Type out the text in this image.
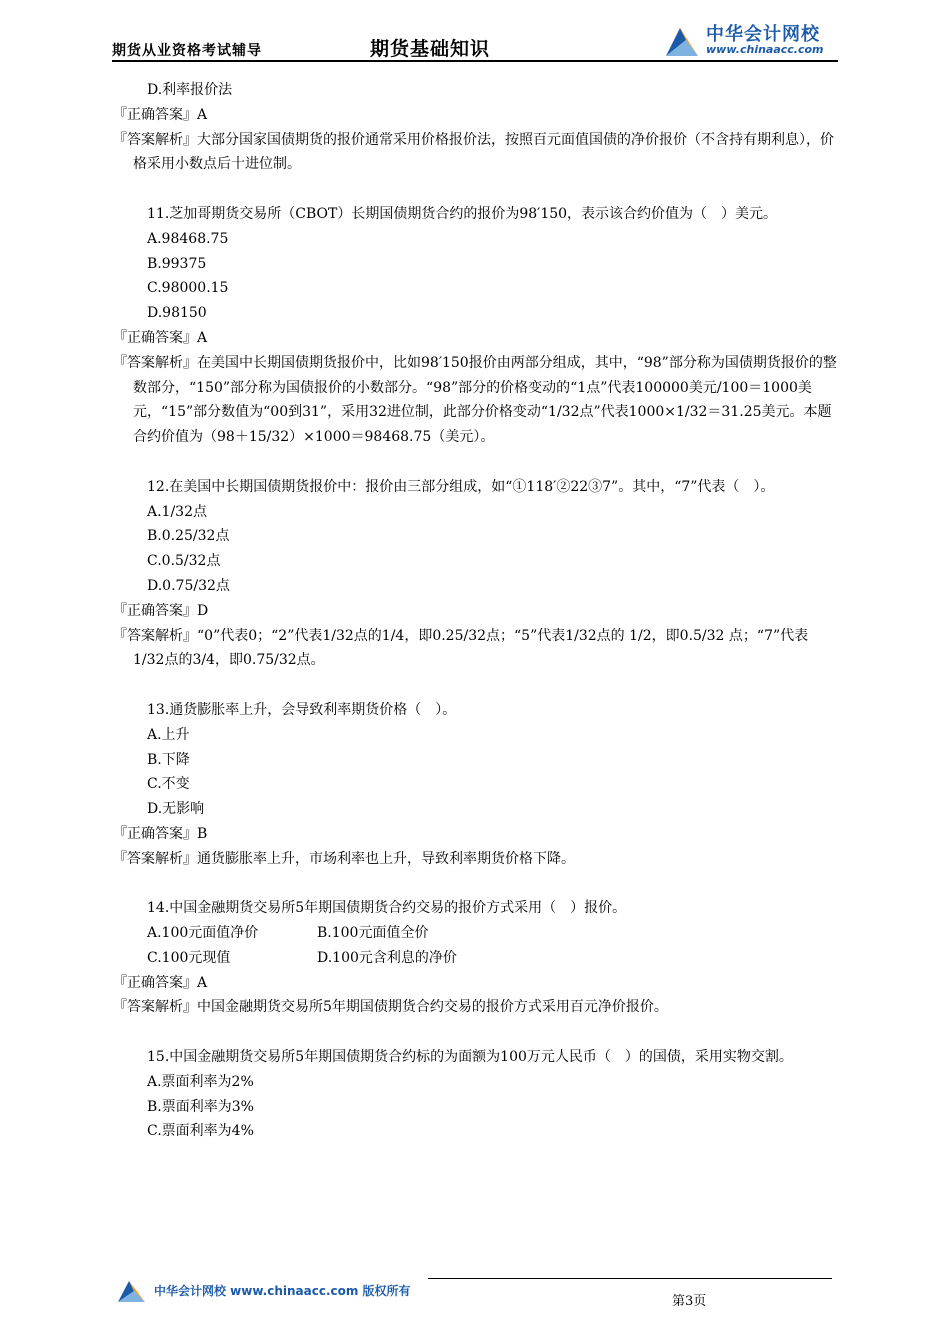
期货从业资格考试辅导	期货基础知识
中华会计网校
www.chinaacc.com

D.利率报价法

『正确答案』A

『答案解析』大部分国家国债期货的报价通常采用价格报价法，按照百元面值国债的净价报价（不含持有期利息），价格采用小数点后十进位制。

11.芝加哥期货交易所（CBOT）长期国债期货合约的报价为98′150，表示该合约价值为（　）美元。

A.98468.75

B.99375

C.98000.15

D.98150

『正确答案』A

『答案解析』在美国中长期国债期货报价中，比如98′150报价由两部分组成，其中，“98”部分称为国债期货报价的整数部分，“150”部分称为国债报价的小数部分。“98”部分的价格变动的“1点”代表100000美元/100＝1000美元，“15”部分数值为“00到31”，采用32进位制，此部分价格变动“1/32点”代表1000×1/32＝31.25美元。本题合约价值为（98＋15/32）×1000＝98468.75（美元）。

12.在美国中长期国债期货报价中：报价由三部分组成，如“①118′②22③7”。其中，“7”代表（　）。

A.1/32点

B.0.25/32点

C.0.5/32点

D.0.75/32点

『正确答案』D

『答案解析』“0”代表0；“2”代表1/32点的1/4，即0.25/32点；“5”代表1/32点的 1/2，即0.5/32 点；“7”代表1/32点的3/4，即0.75/32点。

13.通货膨胀率上升，会导致利率期货价格（　）。

A.上升

B.下降

C.不变

D.无影响

『正确答案』B

『答案解析』通货膨胀率上升，市场利率也上升，导致利率期货价格下降。

14.中国金融期货交易所5年期国债期货合约交易的报价方式采用（　）报价。

A.100元面值净价	B.100元面值全价

C.100元现值	D.100元含利息的净价

『正确答案』A

『答案解析』中国金融期货交易所5年期国债期货合约交易的报价方式采用百元净价报价。

15.中国金融期货交易所5年期国债期货合约标的为面额为100万元人民币（　）的国债，采用实物交割。

A.票面利率为2%

B.票面利率为3%

C.票面利率为4%

中华会计网校 www.chinaacc.com 版权所有
第3页
